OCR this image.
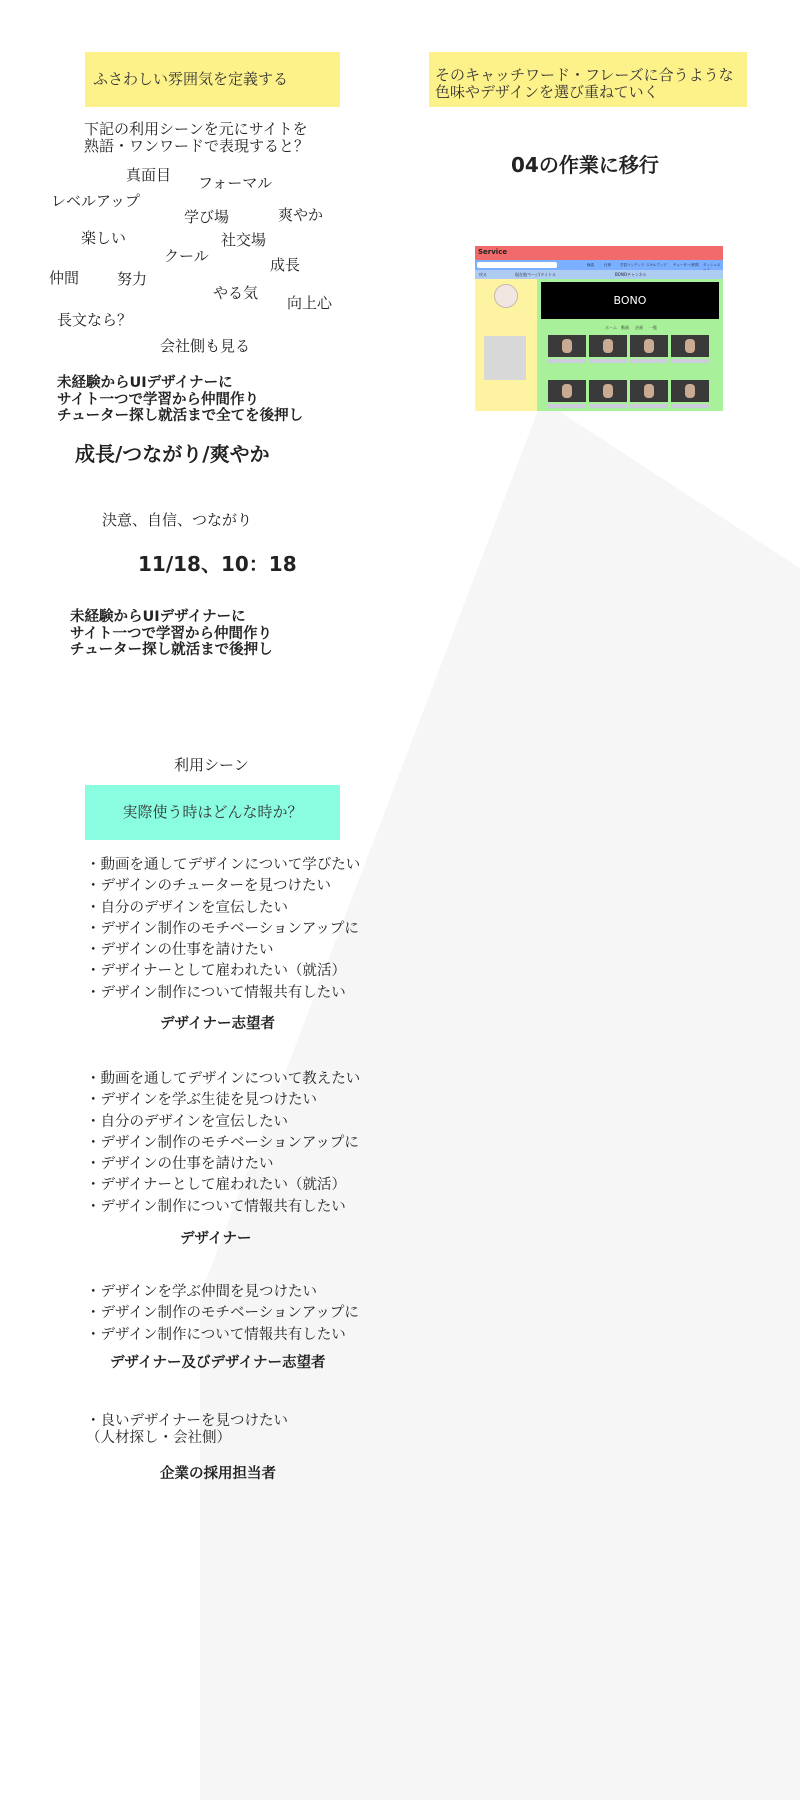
ふさわしい雰囲気を定義する
下記の利用シーンを元にサイトを
熟語・ワンワードで表現すると？
真面目 フォーマル
レベルアップ
学び場	爽やか
楽しい	社交場
クール	成長
仲間	努力
やる気
向上心
長文なら？
会社側も見る
未経験からUIデザイナーに
サイト一つで学習から仲間作り
チューター探し就活まで全てを後押し
成長/つながり/爽やか
決意、自信、つながり
11/18、10：18
未経験からUIデザイナーに
サイト一つで学習から仲間作り
チューター探し就活まで後押し
利用シーン
実際使う時はどんな時か？
・動画を通してデザインについて学びたい
・デザインのチューターを見つけたい
・自分のデザインを宣伝したい
・デザイン制作のモチベーションアップに
・デザインの仕事を請けたい
・デザイナーとして雇われたい（就活）
・デザイン制作について情報共有したい
デザイナー志望者
・動画を通してデザインについて教えたい
・デザインを学ぶ生徒を見つけたい
・自分のデザインを宣伝したい
・デザイン制作のモチベーションアップに
・デザインの仕事を請けたい
・デザイナーとして雇われたい（就活）
・デザイン制作について情報共有したい
デザイナー
・デザインを学ぶ仲間を見つけたい
・デザイン制作のモチベーションアップに
・デザイン制作について情報共有したい
デザイナー及びデザイナー志望者
・良いデザイナーを見つけたい
（人材探し・会社側）
企業の採用担当者
そのキャッチワード・フレーズに合うような
色味やデザインを選び重ねていく
04の作業に移行
Service
検索	仕事	学習コンテンツ スキルアップ チューター/仲間 ダッシュボ
戻る	現在地ページ/タイトル	BONOチャンネル
BONO
ホーム 動画 企画 一覧
